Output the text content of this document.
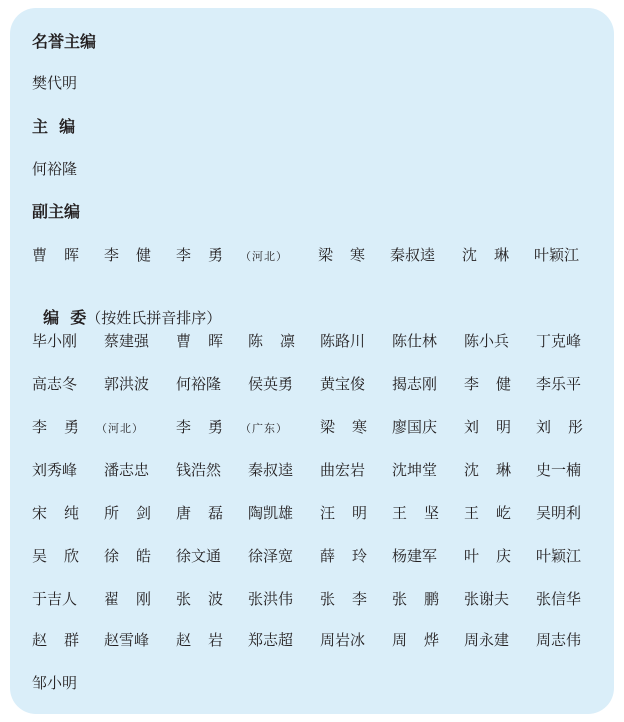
名誉主编
樊代明
主  编
何裕隆
副主编
曹晖 李健 李勇（河北） 梁寒 秦叔逵 沈琳 叶颖江

编  委（按姓氏拼音排序）

毕小刚 蔡建强 曹晖 陈凛 陈路川 陈仕林 陈小兵 丁克峰
高志冬 郭洪波 何裕隆 侯英勇 黄宝俊 揭志刚 李健 李乐平
李勇（河北） 李勇（广东） 梁寒 廖国庆 刘明 刘彤
刘秀峰 潘志忠 钱浩然 秦叔逵 曲宏岩 沈坤堂 沈琳 史一楠
宋纯 所剑 唐磊 陶凯雄 汪明 王坚 王屹 吴明利
吴欣 徐皓 徐文通 徐泽宽 薛玲 杨建军 叶庆 叶颖江
于吉人 翟刚 张波 张洪伟 张李 张鹏 张谢夫 张信华
赵群 赵雪峰 赵岩 郑志超 周岩冰 周烨 周永建 周志伟
邹小明
